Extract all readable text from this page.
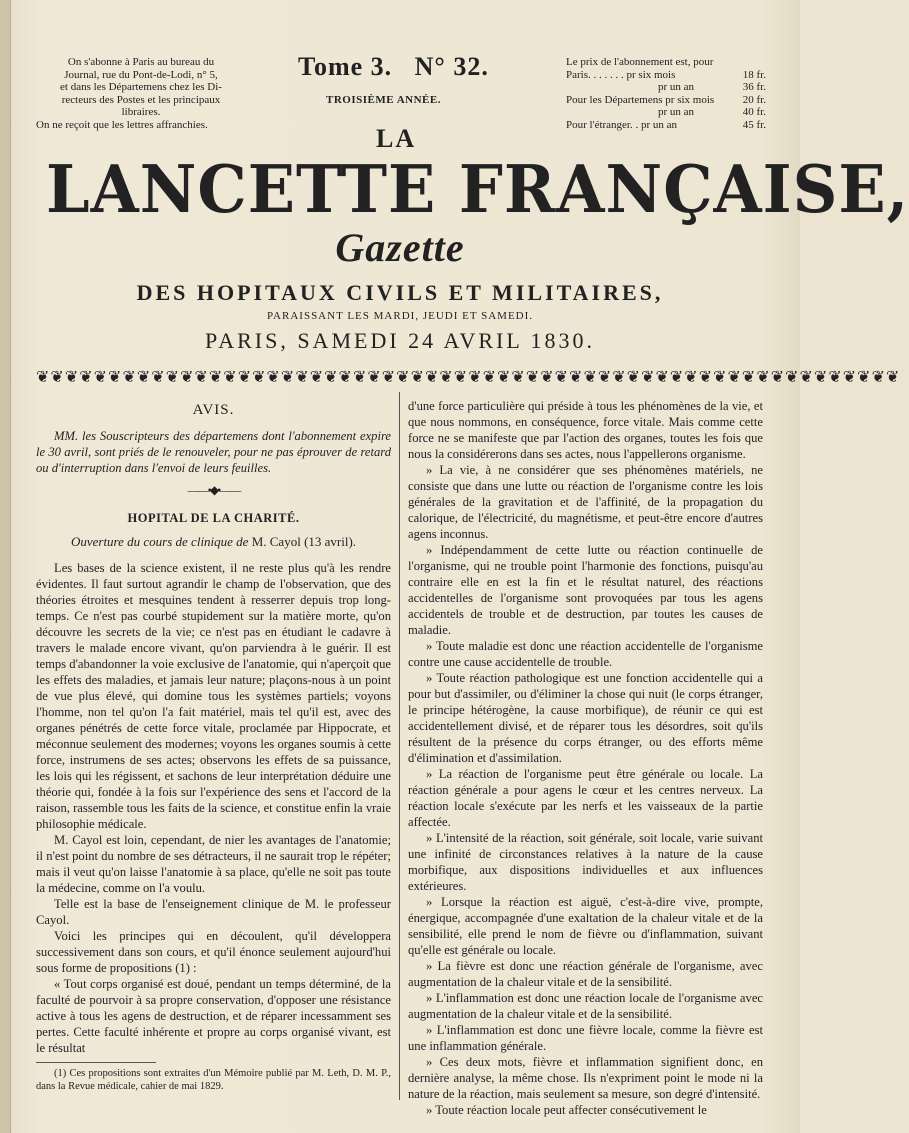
On s'abonne à Paris au bureau du
Journal, rue du Pont-de-Lodi, n° 5,
et dans les Départemens chez les Di-
recteurs des Postes et les principaux
libraires.
On ne reçoit que les lettres affranchies.
Tome 3. N° 32.
TROISIÈME ANNÉE.
Le prix de l'abonnement est, pour
Paris. . . . . . . pr six mois	18 fr.
pr un an	36 fr.
Pour les Départemens pr six mois	20 fr.
pr un an	40 fr.
Pour l'étranger. . pr un an	45 fr.
LA
LANCETTE FRANÇAISE,
Gazette
DES HOPITAUX CIVILS ET MILITAIRES,
PARAISSANT LES MARDI, JEUDI ET SAMEDI.
PARIS, SAMEDI 24 AVRIL 1830.
❦❦❦❦❦❦❦❦❦❦❦❦❦❦❦❦❦❦❦❦❦❦❦❦❦❦❦❦❦❦❦❦❦❦❦❦❦❦❦❦❦❦❦❦❦❦❦❦❦❦❦❦❦❦❦❦❦❦❦❦
AVIS.

MM. les Souscripteurs des départemens dont l'abonnement expire le 30 avril, sont priés de le renouveler, pour ne pas éprouver de retard ou d'interruption dans l'envoi de leurs feuilles.

——•◆•——
HOPITAL DE LA CHARITÉ.
Ouverture du cours de clinique de M. Cayol (13 avril).

Les bases de la science existent, il ne reste plus qu'à les rendre évidentes. Il faut surtout agrandir le champ de l'observation, que des théories étroites et mesquines tendent à resserrer depuis trop long-temps. Ce n'est pas courbé stupidement sur la matière morte, qu'on découvre les secrets de la vie; ce n'est pas en étudiant le cadavre à travers le malade encore vivant, qu'on parviendra à le guérir. Il est temps d'abandonner la voie exclusive de l'anatomie, qui n'aperçoit que les effets des maladies, et jamais leur nature; plaçons-nous à un point de vue plus élevé, qui domine tous les systèmes partiels; voyons l'homme, non tel qu'on l'a fait matériel, mais tel qu'il est, avec des organes pénétrés de cette force vitale, proclamée par Hippocrate, et méconnue seulement des modernes; voyons les organes soumis à cette force, instrumens de ses actes; observons les effets de sa puissance, les lois qui les régissent, et sachons de leur interprétation déduire une théorie qui, fondée à la fois sur l'expérience des sens et l'accord de la raison, rassemble tous les faits de la science, et constitue enfin la vraie philosophie médicale.

M. Cayol est loin, cependant, de nier les avantages de l'anatomie; il n'est point du nombre de ses détracteurs, il ne saurait trop le répéter; mais il veut qu'on laisse l'anatomie à sa place, qu'elle ne soit pas toute la médecine, comme on l'a voulu.

Telle est la base de l'enseignement clinique de M. le professeur Cayol.

Voici les principes qui en découlent, qu'il développera successivement dans son cours, et qu'il énonce seulement aujourd'hui sous forme de propositions (1) :

« Tout corps organisé est doué, pendant un temps déterminé, de la faculté de pourvoir à sa propre conservation, d'opposer une résistance active à tous les agens de destruction, et de réparer incessamment ses pertes. Cette faculté inhérente et propre au corps organisé vivant, est le résultat

(1) Ces propositions sont extraites d'un Mémoire publié par M. Leth, D. M. P., dans la Revue médicale, cahier de mai 1829.

d'une force particulière qui préside à tous les phénomènes de la vie, et que nous nommons, en conséquence, force vitale. Mais comme cette force ne se manifeste que par l'action des organes, toutes les fois que nous la considérerons dans ses actes, nous l'appellerons organisme.

» La vie, à ne considérer que ses phénomènes matériels, ne consiste que dans une lutte ou réaction de l'organisme contre les lois générales de la gravitation et de l'affinité, de la propagation du calorique, de l'électricité, du magnétisme, et peut-être encore d'autres agens inconnus.

» Indépendamment de cette lutte ou réaction continuelle de l'organisme, qui ne trouble point l'harmonie des fonctions, puisqu'au contraire elle en est la fin et le résultat naturel, des réactions accidentelles de l'organisme sont provoquées par tous les agens accidentels de trouble et de destruction, par toutes les causes de maladie.

» Toute maladie est donc une réaction accidentelle de l'organisme contre une cause accidentelle de trouble.

» Toute réaction pathologique est une fonction accidentelle qui a pour but d'assimiler, ou d'éliminer la chose qui nuit (le corps étranger, le principe hétérogène, la cause morbifique), de réunir ce qui est accidentellement divisé, et de réparer tous les désordres, soit qu'ils résultent de la présence du corps étranger, ou des efforts même d'élimination et d'assimilation.

» La réaction de l'organisme peut être générale ou locale. La réaction générale a pour agens le cœur et les centres nerveux. La réaction locale s'exécute par les nerfs et les vaisseaux de la partie affectée.

» L'intensité de la réaction, soit générale, soit locale, varie suivant une infinité de circonstances relatives à la nature de la cause morbifique, aux dispositions individuelles et aux influences extérieures.

» Lorsque la réaction est aiguë, c'est-à-dire vive, prompte, énergique, accompagnée d'une exaltation de la chaleur vitale et de la sensibilité, elle prend le nom de fièvre ou d'inflammation, suivant qu'elle est générale ou locale.

» La fièvre est donc une réaction générale de l'organisme, avec augmentation de la chaleur vitale et de la sensibilité.

» L'inflammation est donc une réaction locale de l'organisme avec augmentation de la chaleur vitale et de la sensibilité.

» L'inflammation est donc une fièvre locale, comme la fièvre est une inflammation générale.

» Ces deux mots, fièvre et inflammation signifient donc, en dernière analyse, la même chose. Ils n'expriment point le mode ni la nature de la réaction, mais seulement sa mesure, son degré d'intensité.

» Toute réaction locale peut affecter consécutivement le
